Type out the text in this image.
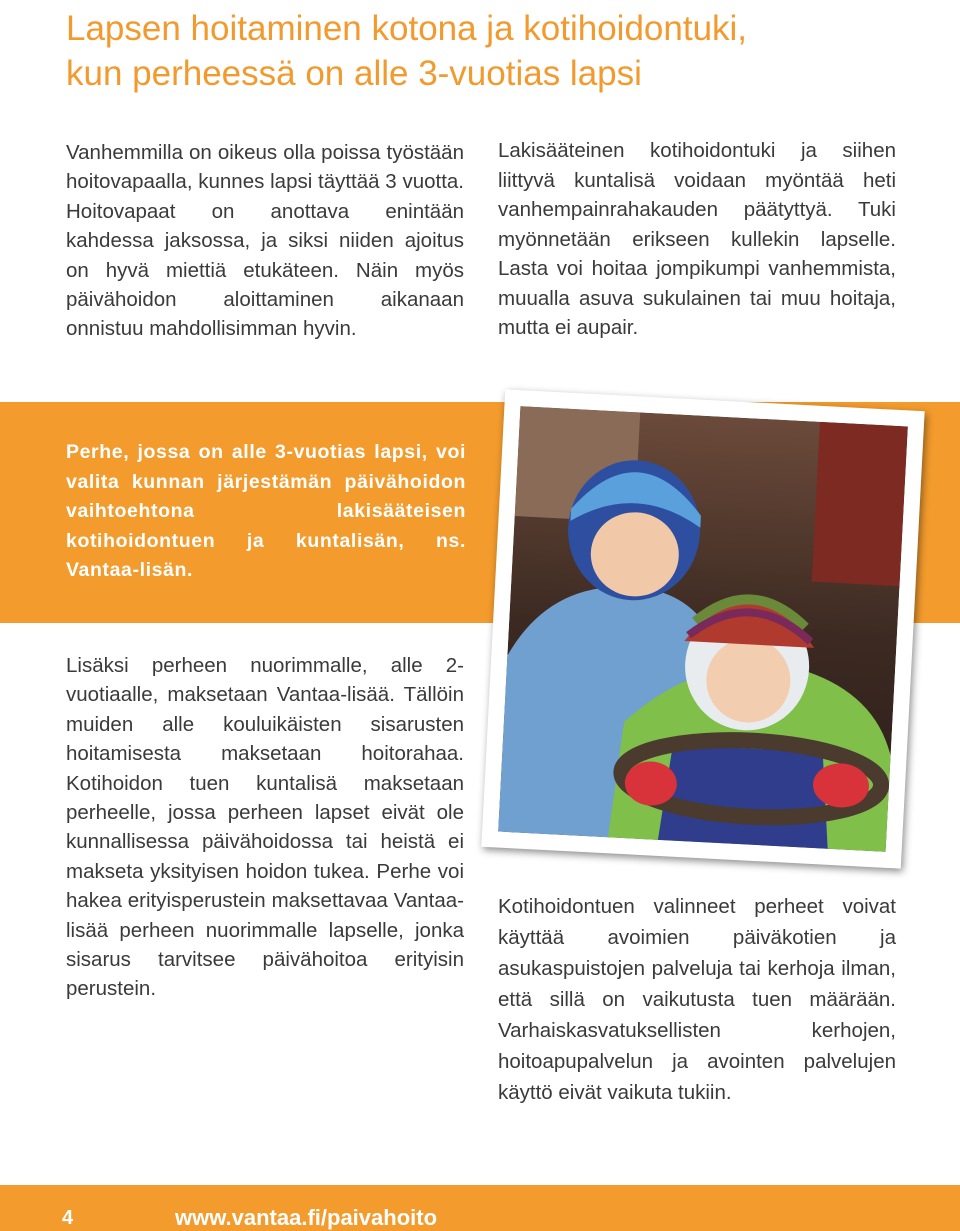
Lapsen hoitaminen kotona ja kotihoidontuki,
kun perheessä on alle 3-vuotias lapsi

Vanhemmilla on oikeus olla poissa työstään hoitovapaalla, kunnes lapsi täyttää 3 vuotta. Hoitovapaat on anottava enintään kahdessa jaksossa, ja siksi niiden ajoitus on hyvä miettiä etukäteen. Näin myös päivähoidon aloittaminen aikanaan onnistuu mahdollisimman hyvin.

Lakisääteinen kotihoidontuki ja siihen liittyvä kuntalisä voidaan myöntää heti vanhempainrahakauden päätyttyä. Tuki myönnetään erikseen kullekin lapselle. Lasta voi hoitaa jompikumpi vanhemmista, muualla asuva sukulainen tai muu hoitaja, mutta ei aupair.

Perhe, jossa on alle 3-vuotias lapsi, voi valita kunnan järjestämän päivähoidon vaihtoehtona lakisääteisen kotihoidontuen ja kuntalisän, ns. Vantaa-lisän.

Lisäksi perheen nuorimmalle, alle 2-vuotiaalle, maksetaan Vantaa-lisää. Tällöin muiden alle kouluikäisten sisarusten hoitamisesta maksetaan hoitorahaa. Kotihoidon tuen kuntalisä maksetaan perheelle, jossa perheen lapset eivät ole kunnallisessa päivähoidossa tai heistä ei makseta yksityisen hoidon tukea. Perhe voi hakea erityisperustein maksettavaa Vantaa-lisää perheen nuorimmalle lapselle, jonka sisarus tarvitsee päivähoitoa erityisin perustein.

Kotihoidontuen valinneet perheet voivat käyttää avoimien päiväkotien ja asukaspuistojen palveluja tai kerhoja ilman, että sillä on vaikutusta tuen määrään. Varhaiskasvatuksellisten kerhojen, hoitoapupalvelun ja avointen palvelujen käyttö eivät vaikuta tukiin.

4	www.vantaa.fi/paivahoito
